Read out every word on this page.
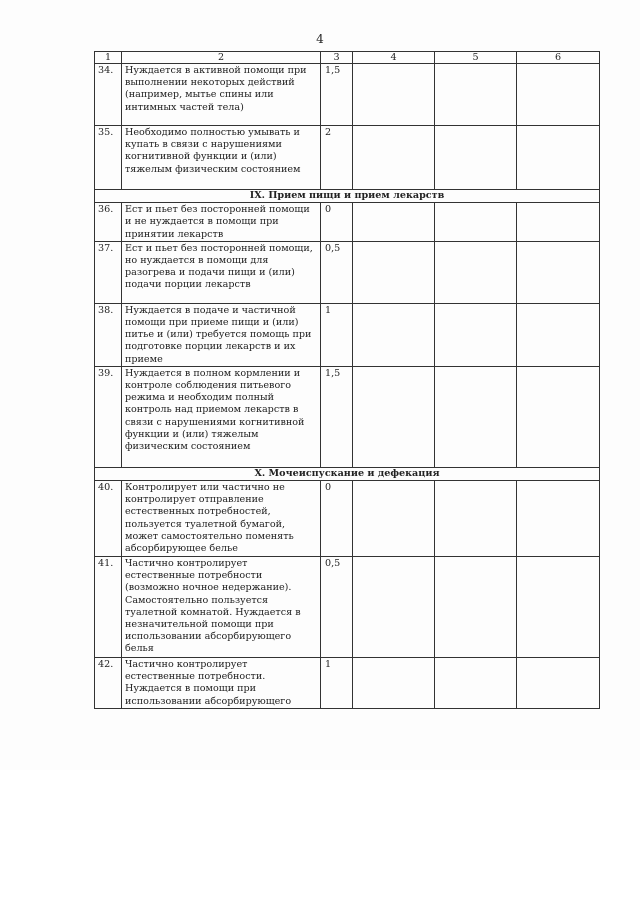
4
1	2	3	4	5	6
34.	Нуждается в активной помощи при выполнении некоторых действий (например, мытье спины или интимных частей тела)	1,5			
35.	Необходимо полностью умывать и купать в связи с нарушениями когнитивной функции и (или) тяжелым физическим состоянием	2			
IX. Прием пищи и прием лекарств					
36.	Ест и пьет без посторонней помощи и не нуждается в помощи при принятии лекарств	0			
37.	Ест и пьет без посторонней помощи, но нуждается в помощи для разогрева и подачи пищи и (или) подачи порции лекарств	0,5			
38.	Нуждается в подаче и частичной помощи при приеме пищи и (или) питье и (или) требуется помощь при подготовке порции лекарств и их приеме	1			
39.	Нуждается в полном кормлении и контроле соблюдения питьевого режима и необходим полный контроль над приемом лекарств в связи с нарушениями когнитивной функции и (или) тяжелым физическим состоянием	1,5			
X. Мочеиспускание и дефекация					
40.	Контролирует или частично не контролирует отправление естественных потребностей, пользуется туалетной бумагой, может самостоятельно поменять абсорбирующее белье	0			
41.	Частично контролирует естественные потребности (возможно ночное недержание). Самостоятельно пользуется туалетной комнатой. Нуждается в незначительной помощи при использовании абсорбирующего белья	0,5			
42.	Частично контролирует естественные потребности. Нуждается в помощи при использовании абсорбирующего	1			
